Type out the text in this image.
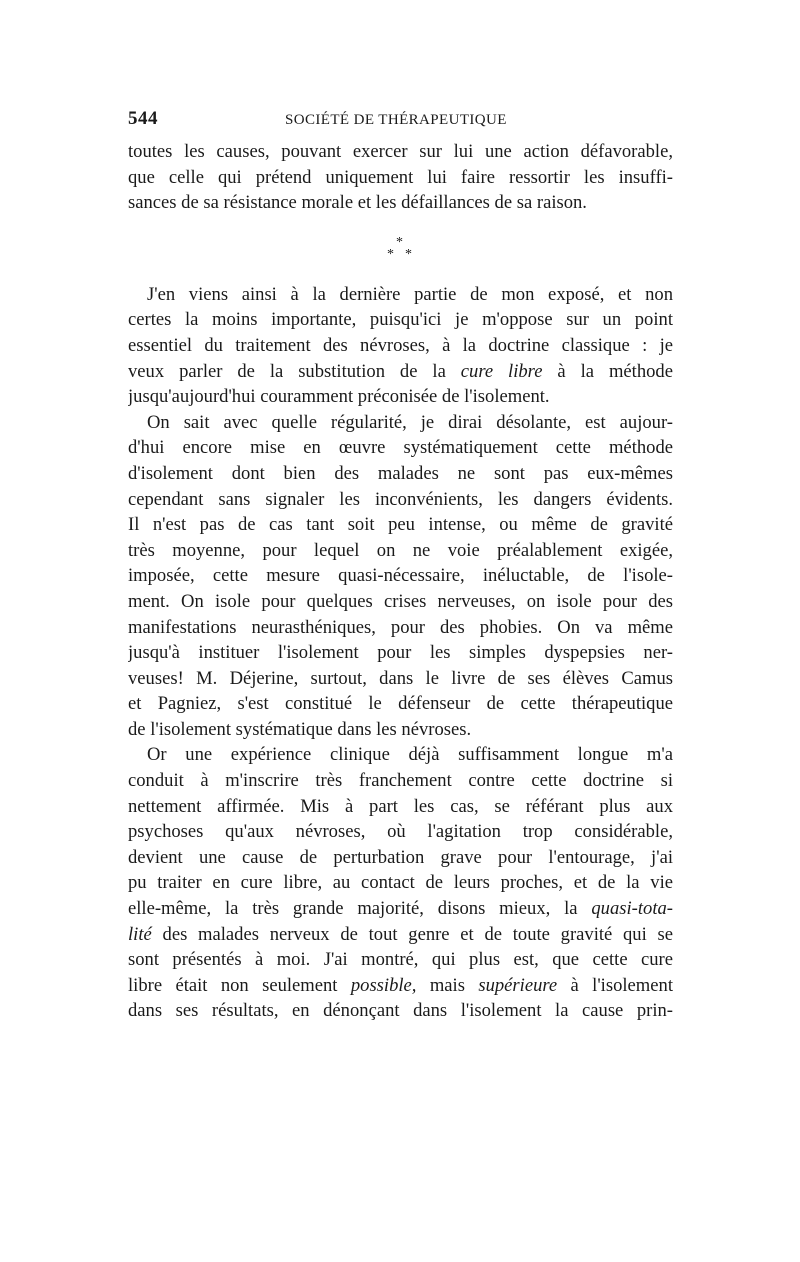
544	SOCIÉTÉ DE THÉRAPEUTIQUE
toutes les causes, pouvant exercer sur lui une action défavorable,
que celle qui prétend uniquement lui faire ressortir les insuffi-
sances de sa résistance morale et les défaillances de sa raison.
*
* *
J'en viens ainsi à la dernière partie de mon exposé, et non
certes la moins importante, puisqu'ici je m'oppose sur un point
essentiel du traitement des névroses, à la doctrine classique : je
veux parler de la substitution de la cure libre à la méthode
jusqu'aujourd'hui couramment préconisée de l'isolement.
On sait avec quelle régularité, je dirai désolante, est aujour-
d'hui encore mise en œuvre systématiquement cette méthode
d'isolement dont bien des malades ne sont pas eux-mêmes
cependant sans signaler les inconvénients, les dangers évidents.
Il n'est pas de cas tant soit peu intense, ou même de gravité
très moyenne, pour lequel on ne voie préalablement exigée,
imposée, cette mesure quasi-nécessaire, inéluctable, de l'isole-
ment. On isole pour quelques crises nerveuses, on isole pour des
manifestations neurasthéniques, pour des phobies. On va même
jusqu'à instituer l'isolement pour les simples dyspepsies ner-
veuses! M. Déjerine, surtout, dans le livre de ses élèves Camus
et Pagniez, s'est constitué le défenseur de cette thérapeutique
de l'isolement systématique dans les névroses.
Or une expérience clinique déjà suffisamment longue m'a
conduit à m'inscrire très franchement contre cette doctrine si
nettement affirmée. Mis à part les cas, se référant plus aux
psychoses qu'aux névroses, où l'agitation trop considérable,
devient une cause de perturbation grave pour l'entourage, j'ai
pu traiter en cure libre, au contact de leurs proches, et de la vie
elle-même, la très grande majorité, disons mieux, la quasi-tota-
lité des malades nerveux de tout genre et de toute gravité qui se
sont présentés à moi. J'ai montré, qui plus est, que cette cure
libre était non seulement possible, mais supérieure à l'isolement
dans ses résultats, en dénonçant dans l'isolement la cause prin-
